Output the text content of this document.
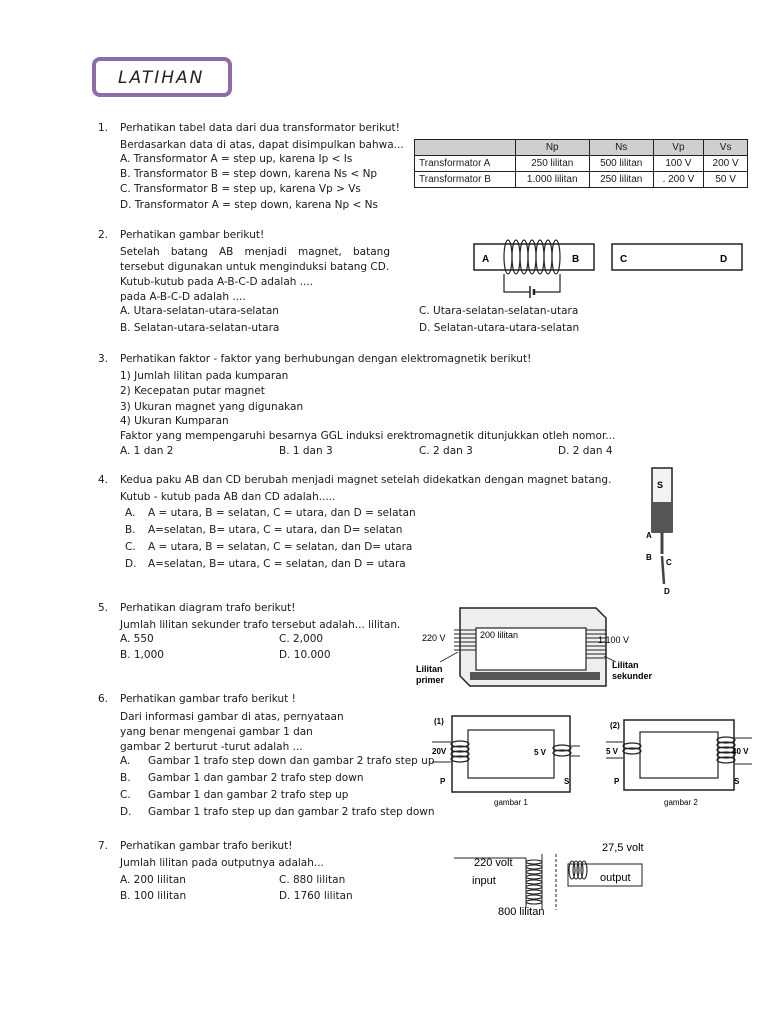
LATIHAN
1. Perhatikan tabel data dari dua transformator berikut!
Berdasarkan data di atas, dapat disimpulkan bahwa...
A. Transformator A = step up, karena Ip < Is
B. Transformator B = step down, karena Ns < Np
C. Transformator B = step up, karena Vp > Vs
D. Transformator A = step down, karena Np < Ns
	Np	Ns	Vp	Vs
Transformator A	250 lilitan	500 lilitan	100 V	200 V
Transformator B	1.000 lilitan	250 lilitan	. 200 V	50 V
2. Perhatikan gambar berikut!
Setelah batang AB menjadi magnet, batang tersebut digunakan untuk menginduksi batang CD.
Kutub-kutub pada A-B-C-D adalah ....
pada A-B-C-D adalah ....
A. Utara-selatan-utara-selatan
B. Selatan-utara-selatan-utara
C. Utara-selatan-selatan-utara
D. Selatan-utara-utara-selatan
A	B	C	D
3. Perhatikan faktor - faktor yang berhubungan dengan elektromagnetik berikut!
1) Jumlah lilitan pada kumparan
2) Kecepatan putar magnet
3) Ukuran magnet yang digunakan
4) Ukuran Kumparan
Faktor yang mempengaruhi besarnya GGL induksi erektromagnetik ditunjukkan otleh nomor...
A. 1 dan 2	B. 1 dan 3	C. 2 dan 3	D. 2 dan 4
4. Kedua paku AB dan CD berubah menjadi magnet setelah didekatkan dengan magnet batang.
Kutub - kutub pada AB dan CD adalah.....
A. A = utara, B = selatan, C = utara, dan D = selatan
B. A=selatan, B= utara, C = utara, dan D= selatan
C. A = utara, B = selatan, C = selatan, dan D= utara
D. A=selatan, B= utara, C = selatan, dan D = utara
S
A
B
C
D
5. Perhatikan diagram trafo berikut!
Jumlah lilitan sekunder trafo tersebut adalah... lilitan.
A. 550	C. 2,000
B. 1,000	D. 10.000
220 V	200 lilitan	1.100 V
Lilitan
primer
Lilitan
sekunder
6. Perhatikan gambar trafo berikut !
Dari informasi gambar di atas, pernyataan
yang benar mengenai gambar 1 dan
gambar 2 berturut -turut adalah ...
A. Gambar 1 trafo step down dan gambar 2 trafo step up
B. Gambar 1 dan gambar 2 trafo step down
C. Gambar 1 dan gambar 2 trafo step up
D. Gambar 1 trafo step up dan gambar 2 trafo step down
(1)
20V	5 V
P	S
gambar 1
(2)
5 V	40 V
P	S
gambar 2
7. Perhatikan gambar trafo berikut!
Jumlah lilitan pada outputnya adalah...
A. 200 lilitan	C. 880 lilitan
B. 100 lilitan	D. 1760 lilitan
27,5 volt
220 volt
input	output
800 lilitan
